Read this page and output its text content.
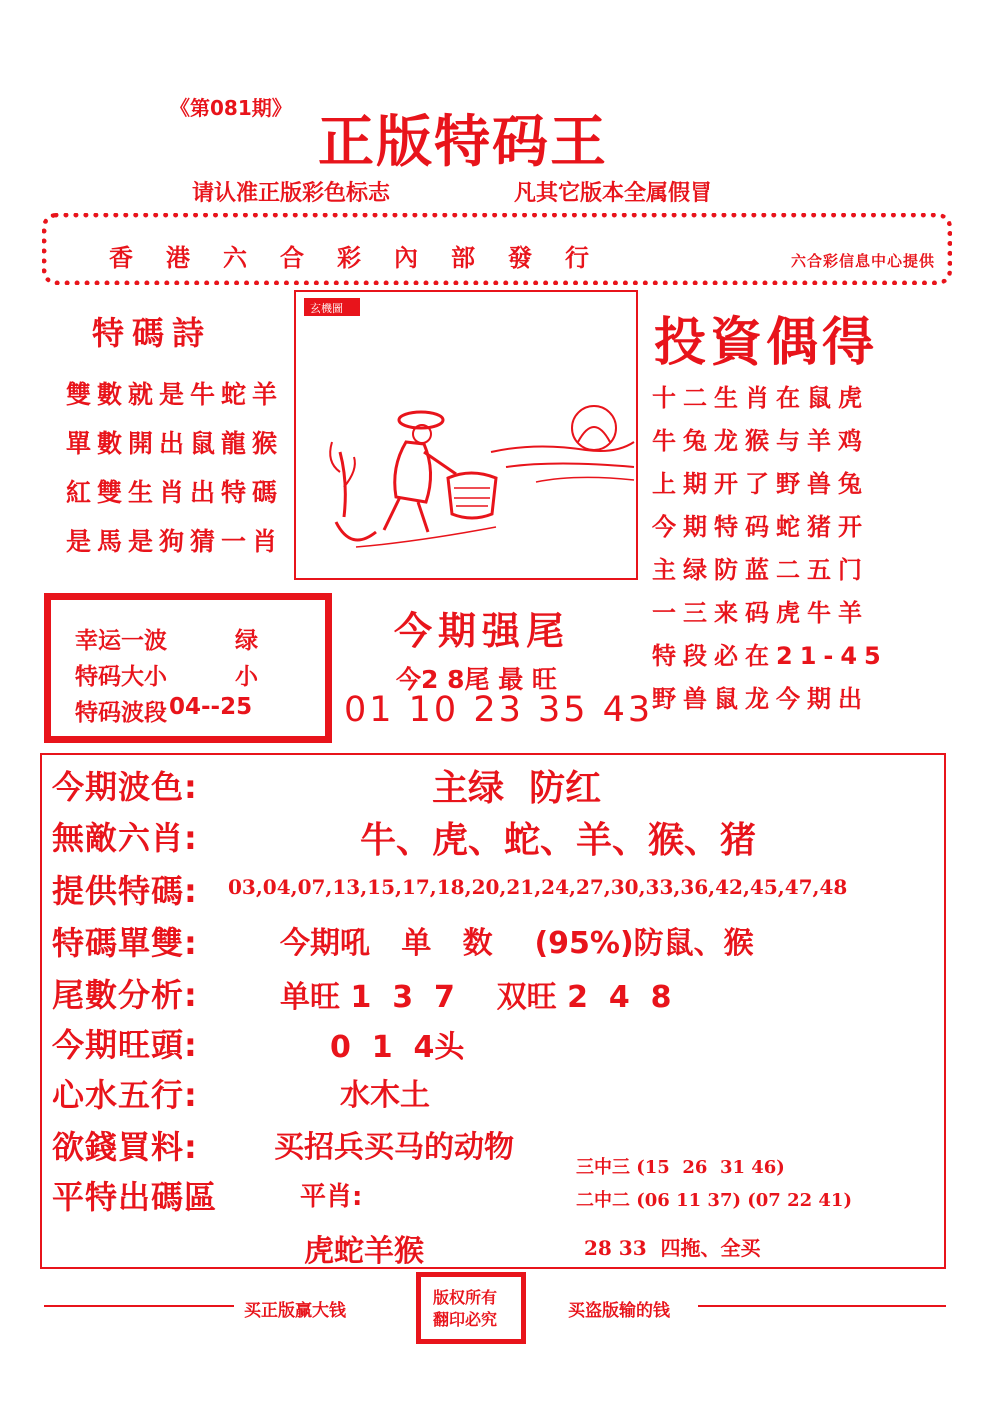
《第081期》
正版特码王
请认准正版彩色标志	凡其它版本全属假冒
香港六合彩內部發行	六合彩信息中心提供
特碼詩
雙數就是牛蛇羊
單數開出鼠龍猴
紅雙生肖出特碼
是馬是狗猜一肖
玄機圖
投資偶得
十二生肖在鼠虎
牛兔龙猴与羊鸡
上期开了野兽兔
今期特码蛇猪开
主绿防蓝二五门
一三来码虎牛羊
特段必在21-45
野兽鼠龙今期出
幸运一波	绿
特码大小	小
特码波段 04--25
今期强尾
今2 8尾 最 旺
01 10 23 35 43
今期波色:	主绿  防红
無敵六肖:	牛、虎、蛇、羊、猴、猪
提供特碼: 03,04,07,13,15,17,18,20,21,24,27,30,33,36,42,45,47,48
特碼單雙:	今期吼   单   数    (95%)防鼠、猴
尾數分析:	单旺 1  3  7    双旺 2  4  8
今期旺頭:	0  1  4头
心水五行:	水木土
欲錢買料:	买招兵买马的动物
平特出碼區	平肖:
虎蛇羊猴
三中三 (15  26  31 46)
二中二 (06 11 37) (07 22 41)
28 33  四拖、全买
买正版赢大钱
版权所有
翻印必究	买盗版输的钱
